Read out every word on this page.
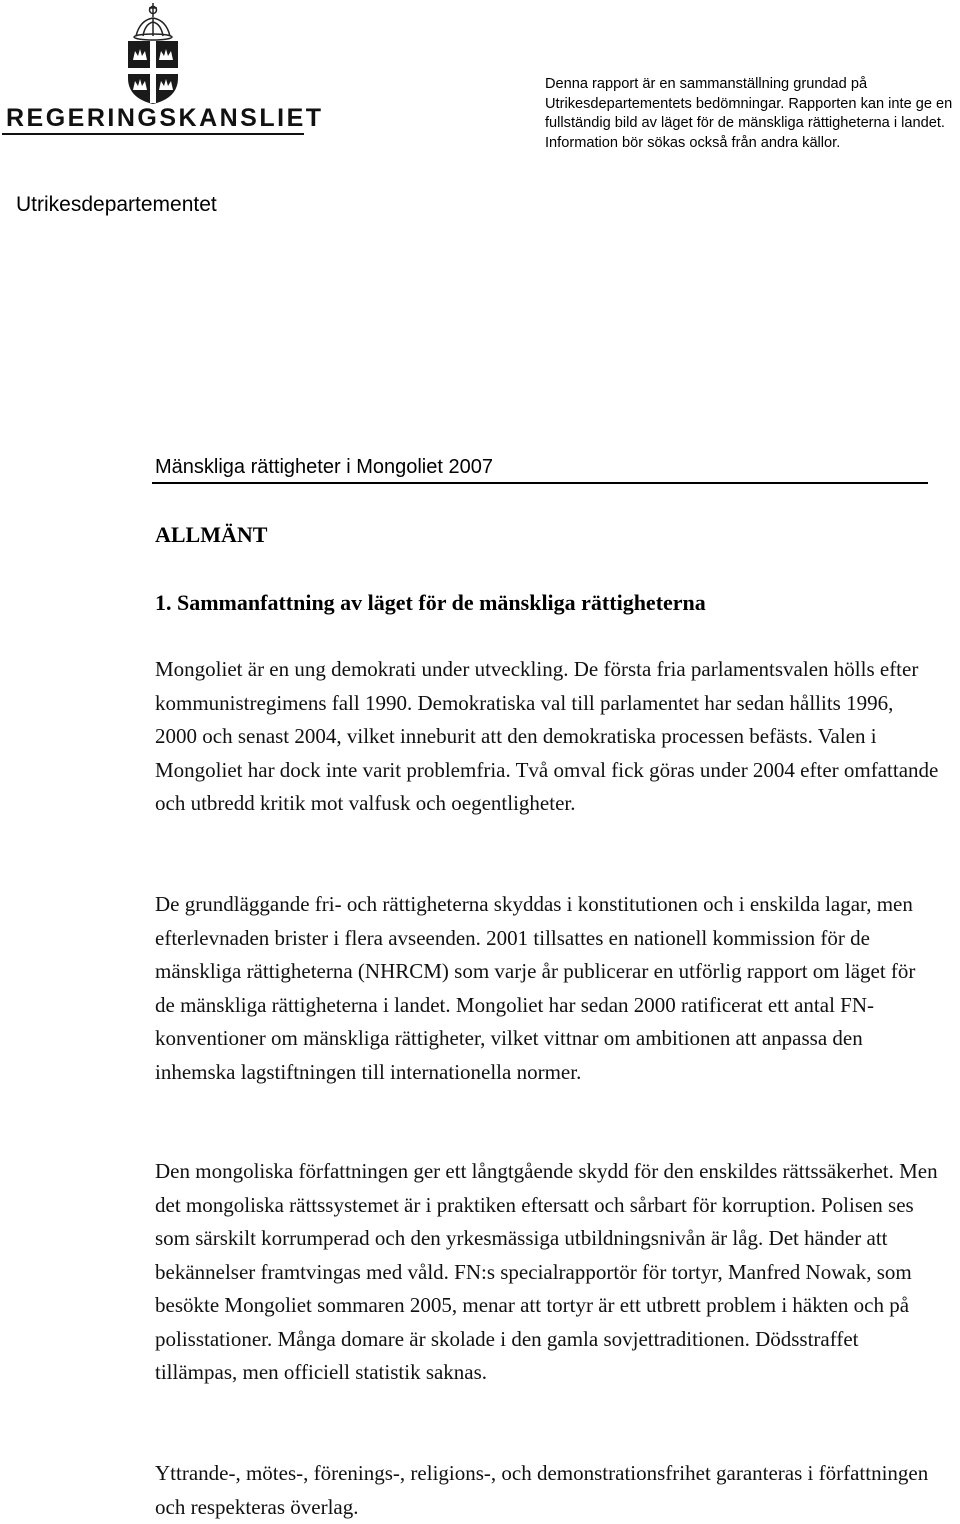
REGERINGSKANSLIET
Denna rapport är en sammanställning grundad på Utrikesdepartementets bedömningar. Rapporten kan inte ge en fullständig bild av läget för de mänskliga rättigheterna i landet. Information bör sökas också från andra källor.
Utrikesdepartementet
Mänskliga rättigheter i Mongoliet 2007
ALLMÄNT
1. Sammanfattning av läget för de mänskliga rättigheterna

Mongoliet är en ung demokrati under utveckling. De första fria parlamentsvalen hölls efter kommunistregimens fall 1990. Demokratiska val till parlamentet har sedan hållits 1996, 2000 och senast 2004, vilket inneburit att den demokratiska processen befästs. Valen i Mongoliet har dock inte varit problemfria. Två omval fick göras under 2004 efter omfattande och utbredd kritik mot valfusk och oegentligheter.

De grundläggande fri- och rättigheterna skyddas i konstitutionen och i enskilda lagar, men efterlevnaden brister i flera avseenden. 2001 tillsattes en nationell kommission för de mänskliga rättigheterna (NHRCM) som varje år publicerar en utförlig rapport om läget för de mänskliga rättigheterna i landet. Mongoliet har sedan 2000 ratificerat ett antal FN-konventioner om mänskliga rättigheter, vilket vittnar om ambitionen att anpassa den inhemska lagstiftningen till internationella normer.

Den mongoliska författningen ger ett långtgående skydd för den enskildes rättssäkerhet. Men det mongoliska rättssystemet är i praktiken eftersatt och sårbart för korruption. Polisen ses som särskilt korrumperad och den yrkesmässiga utbildningsnivån är låg. Det händer att bekännelser framtvingas med våld. FN:s specialrapportör för tortyr, Manfred Nowak, som besökte Mongoliet sommaren 2005, menar att tortyr är ett utbrett problem i häkten och på polisstationer. Många domare är skolade i den gamla sovjettraditionen. Dödsstraffet tillämpas, men officiell statistik saknas.

Yttrande-, mötes-, förenings-, religions-, och demonstrationsfrihet garanteras i författningen och respekteras överlag.
